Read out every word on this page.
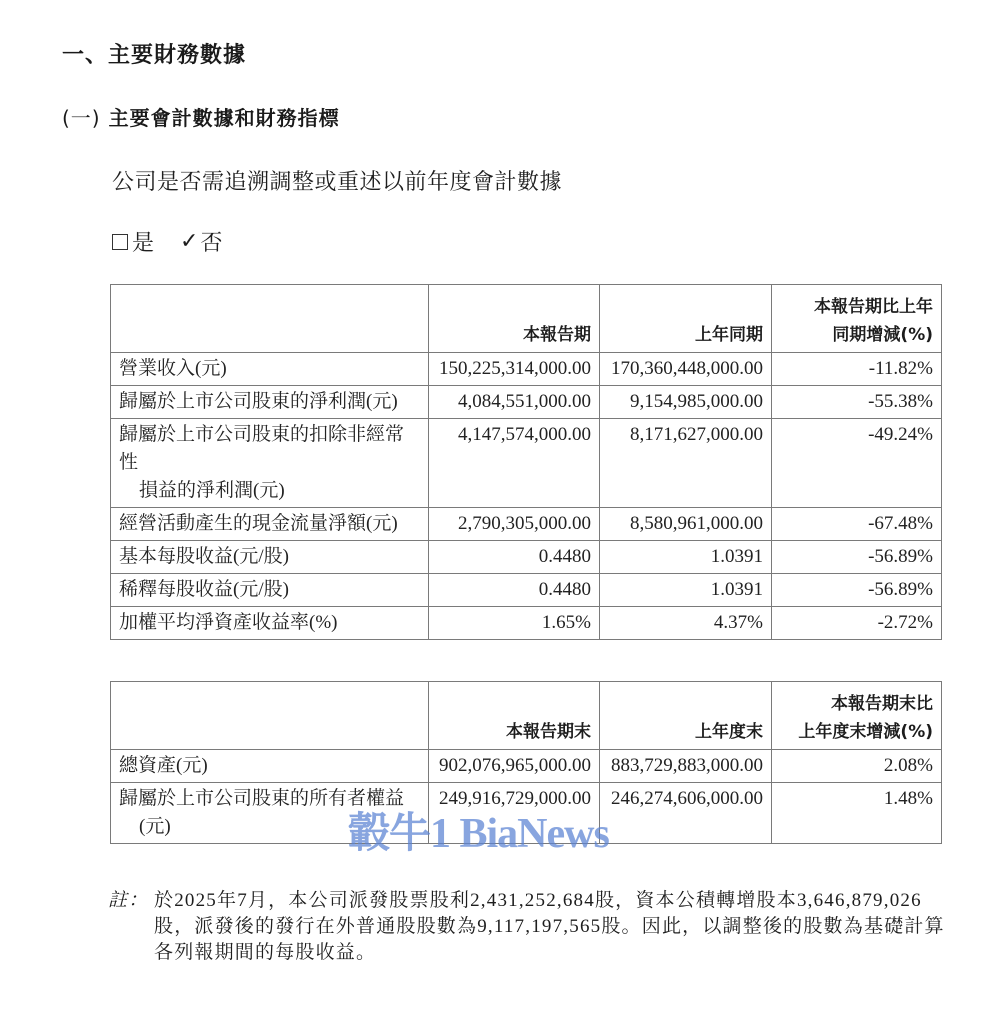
一、主要財務數據
(一) 主要會計數據和財務指標
公司是否需追溯調整或重述以前年度會計數據
是 ✓ 否
	本報告期	上年同期	本報告期比上年
同期增減(%)

營業收入(元)	150,225,314,000.00	170,360,448,000.00	-11.82%
歸屬於上市公司股東的淨利潤(元)	4,084,551,000.00	9,154,985,000.00	-55.38%

歸屬於上市公司股東的扣除非經常性
損益的淨利潤(元)	4,147,574,000.00	8,171,627,000.00	-49.24%
經營活動產生的現金流量淨額(元)	2,790,305,000.00	8,580,961,000.00	-67.48%
基本每股收益(元/股)	0.4480	1.0391	-56.89%
稀釋每股收益(元/股)	0.4480	1.0391	-56.89%
加權平均淨資產收益率(%)	1.65%	4.37%	-2.72%
	本報告期末	上年度末	本報告期末比
上年度末增減(%)

總資產(元)	902,076,965,000.00	883,729,883,000.00	2.08%

歸屬於上市公司股東的所有者權益
(元)	249,916,729,000.00	246,274,606,000.00	1.48%
轂牛1 BiaNews
註： 於2025年7月，本公司派發股票股利2,431,252,684股，資本公積轉增股本3,646,879,026股，派發後的發行在外普通股股數為9,117,197,565股。因此，以調整後的股數為基礎計算各列報期間的每股收益。
